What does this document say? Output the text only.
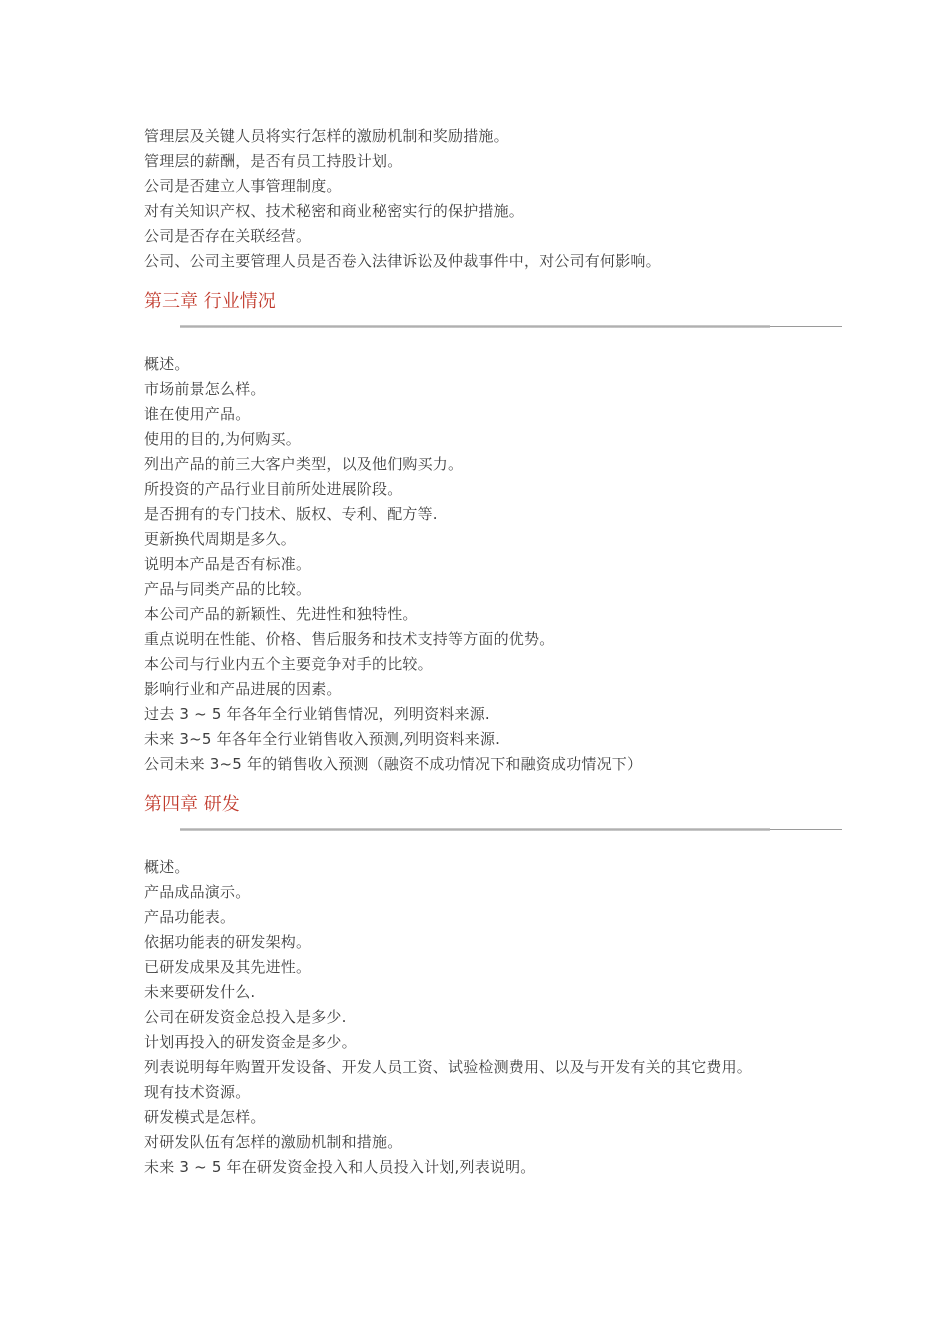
管理层及关键人员将实行怎样的激励机制和奖励措施。
管理层的薪酬，是否有员工持股计划。
公司是否建立人事管理制度。
对有关知识产权、技术秘密和商业秘密实行的保护措施。
公司是否存在关联经营。
公司、公司主要管理人员是否卷入法律诉讼及仲裁事件中，对公司有何影响。
第三章 行业情况
概述。
市场前景怎么样。
谁在使用产品。
使用的目的,为何购买。
列出产品的前三大客户类型，以及他们购买力。
所投资的产品行业目前所处进展阶段。
是否拥有的专门技术、版权、专利、配方等.
更新换代周期是多久。
说明本产品是否有标准。
产品与同类产品的比较。
本公司产品的新颖性、先进性和独特性。
重点说明在性能、价格、售后服务和技术支持等方面的优势。
本公司与行业内五个主要竞争对手的比较。
影响行业和产品进展的因素。
过去 3 ~ 5 年各年全行业销售情况，列明资料来源.
未来 3~5 年各年全行业销售收入预测,列明资料来源.
公司未来 3~5 年的销售收入预测（融资不成功情况下和融资成功情况下）
第四章 研发
概述。
产品成品演示。
产品功能表。
依据功能表的研发架构。
已研发成果及其先进性。
未来要研发什么.
公司在研发资金总投入是多少.
计划再投入的研发资金是多少。
列表说明每年购置开发设备、开发人员工资、试验检测费用、以及与开发有关的其它费用。
现有技术资源。
研发模式是怎样。
对研发队伍有怎样的激励机制和措施。
未来 3 ~ 5 年在研发资金投入和人员投入计划,列表说明。
